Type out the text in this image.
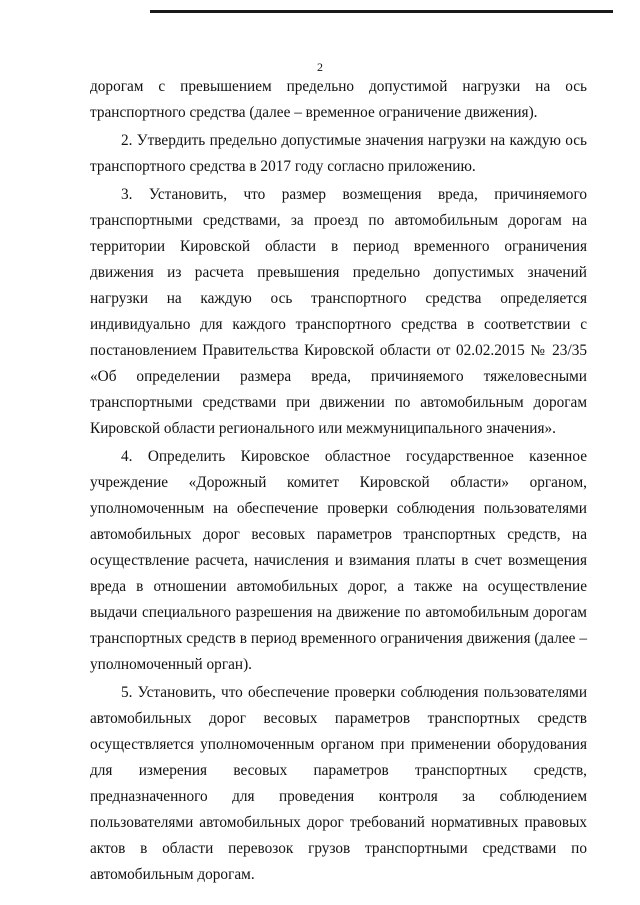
2

дорогам с превышением предельно допустимой нагрузки на ось транспортного средства (далее – временное ограничение движения).

2. Утвердить предельно допустимые значения нагрузки на каждую ось транспортного средства в 2017 году согласно приложению.

3. Установить, что размер возмещения вреда, причиняемого транспортными средствами, за проезд по автомобильным дорогам на территории Кировской области в период временного ограничения движения из расчета превышения предельно допустимых значений нагрузки на каждую ось транспортного средства определяется индивидуально для каждого транспортного средства в соответствии с постановлением Правительства Кировской области от 02.02.2015 № 23/35 «Об определении размера вреда, причиняемого тяжеловесными транспортными средствами при движении по автомобильным дорогам Кировской области регионального или межмуниципального значения».

4. Определить Кировское областное государственное казенное учреждение «Дорожный комитет Кировской области» органом, уполномоченным на обеспечение проверки соблюдения пользователями автомобильных дорог весовых параметров транспортных средств, на осуществление расчета, начисления и взимания платы в счет возмещения вреда в отношении автомобильных дорог, а также на осуществление выдачи специального разрешения на движение по автомобильным дорогам транспортных средств в период временного ограничения движения (далее – уполномоченный орган).

5. Установить, что обеспечение проверки соблюдения пользователями автомобильных дорог весовых параметров транспортных средств осуществляется уполномоченным органом при применении оборудования для измерения весовых параметров транспортных средств, предназначенного для проведения контроля за соблюдением пользователями автомобильных дорог требований нормативных правовых актов в области перевозок грузов транспортными средствами по автомобильным дорогам.
